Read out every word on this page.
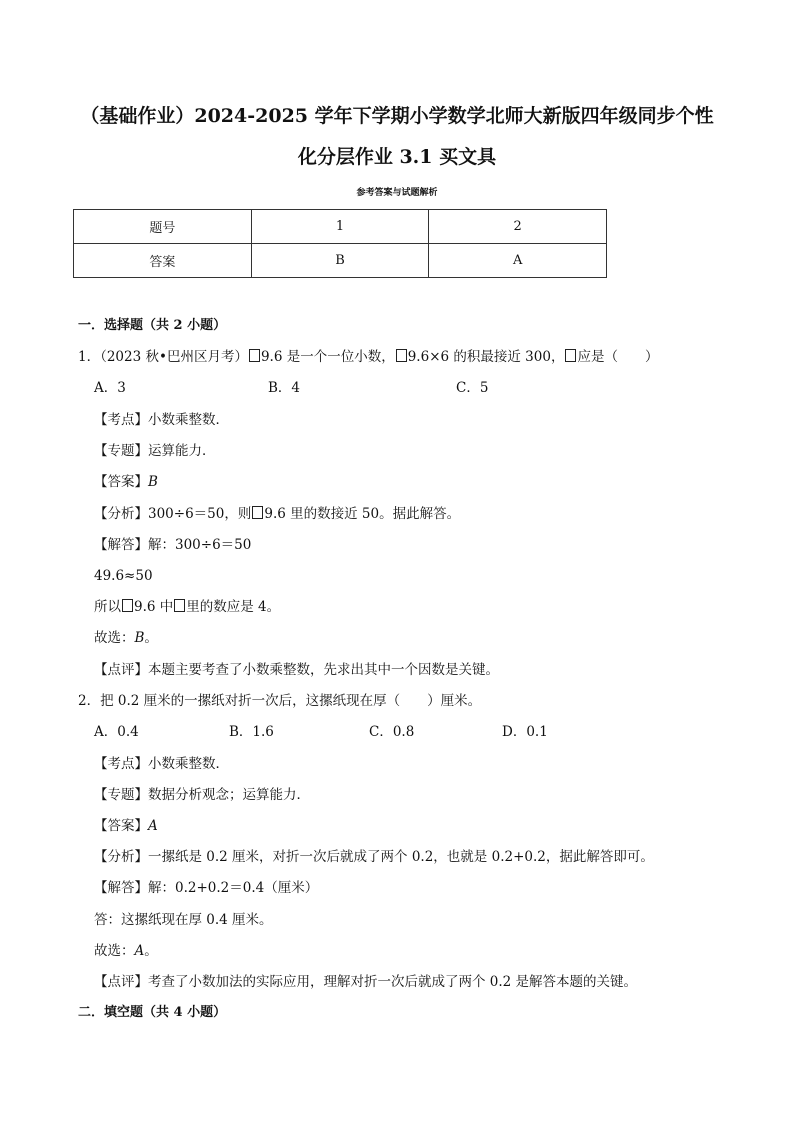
（基础作业）2024-2025 学年下学期小学数学北师大新版四年级同步个性
化分层作业 3.1 买文具
参考答案与试题解析
题号	1	2
答案	B	A
一．选择题（共 2 小题）
1．（2023 秋•巴州区月考） 9.6 是一个一位小数， 9.6×6 的积最接近 300， 应是（　　）
A．3	B．4	C．5
【考点】小数乘整数．
【专题】运算能力．
【答案】B
【分析】300÷6＝50，则 9.6 里的数接近 50。据此解答。
【解答】解：300÷6＝50
49.6≈50
所以 9.6 中 里的数应是 4。
故选：B。
【点评】本题主要考查了小数乘整数，先求出其中一个因数是关键。
2．把 0.2 厘米的一摞纸对折一次后，这摞纸现在厚（　　）厘米。
A．0.4	B．1.6	C．0.8	D．0.1
【考点】小数乘整数．
【专题】数据分析观念；运算能力．
【答案】A
【分析】一摞纸是 0.2 厘米，对折一次后就成了两个 0.2，也就是 0.2+0.2，据此解答即可。
【解答】解：0.2+0.2＝0.4（厘米）
答：这摞纸现在厚 0.4 厘米。
故选：A。
【点评】考查了小数加法的实际应用，理解对折一次后就成了两个 0.2 是解答本题的关键。
二．填空题（共 4 小题）
